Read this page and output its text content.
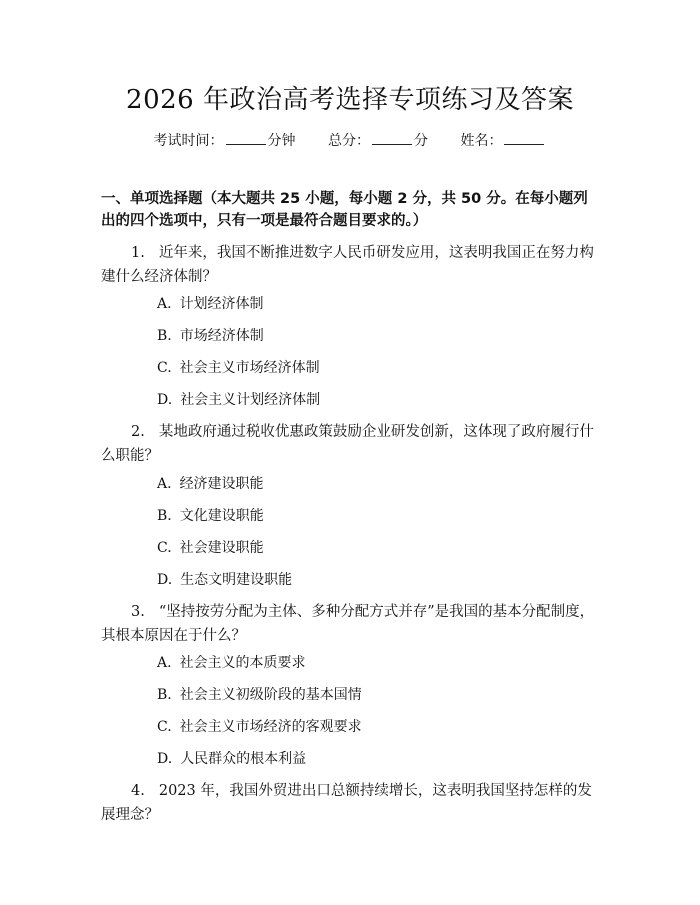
2026 年政治高考选择专项练习及答案
考试时间：	分钟 总分：	分 姓名：
一、单项选择题（本大题共 25 小题，每小题 2 分，共 50 分。在每小题列出的四个选项中，只有一项是最符合题目要求的。）
1. 近年来，我国不断推进数字人民币研发应用，这表明我国正在努力构建什么经济体制？
A. 计划经济体制
B. 市场经济体制
C. 社会主义市场经济体制
D. 社会主义计划经济体制
2. 某地政府通过税收优惠政策鼓励企业研发创新，这体现了政府履行什么职能？
A. 经济建设职能
B. 文化建设职能
C. 社会建设职能
D. 生态文明建设职能
3. “坚持按劳分配为主体、多种分配方式并存”是我国的基本分配制度，其根本原因在于什么？
A. 社会主义的本质要求
B. 社会主义初级阶段的基本国情
C. 社会主义市场经济的客观要求
D. 人民群众的根本利益
4. 2023 年，我国外贸进出口总额持续增长，这表明我国坚持怎样的发展理念？
